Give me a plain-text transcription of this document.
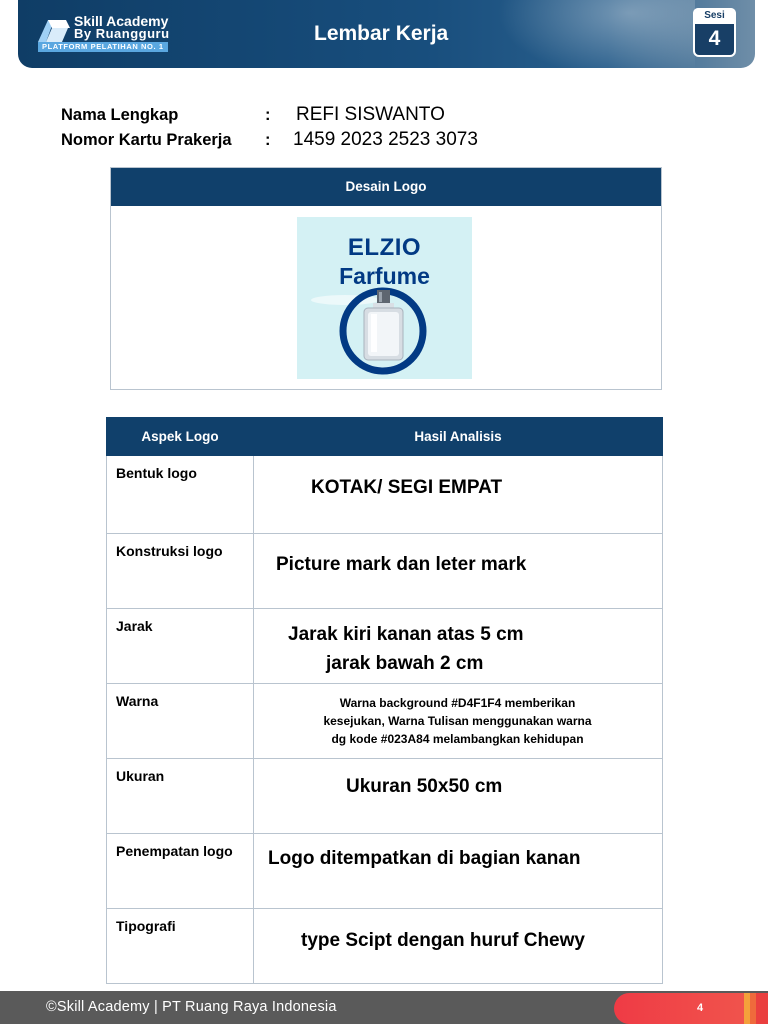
Skill Academy
By Ruangguru
PLATFORM PELATIHAN NO. 1
Lembar Kerja
Sesi
4
Nama Lengkap	: REFI SISWANTO
Nomor Kartu Prakerja : 1459 2023 2523 3073
Desain Logo
ELZIO
Farfume
Aspek Logo	Hasil Analisis
Bentuk logo	KOTAK/ SEGI EMPAT

Konstruksi logo	Picture mark dan leter mark

Jarak	Jarak kiri kanan atas 5 cm
jarak bawah 2 cm

Warna	Warna background #D4F1F4 memberikan
kesejukan, Warna Tulisan menggunakan warna
dg kode #023A84 melambangkan kehidupan

Ukuran	Ukuran 50x50 cm

Penempatan logo	Logo ditempatkan di bagian kanan

Tipografi	type Scipt dengan huruf Chewy
©Skill Academy | PT Ruang Raya Indonesia	4
